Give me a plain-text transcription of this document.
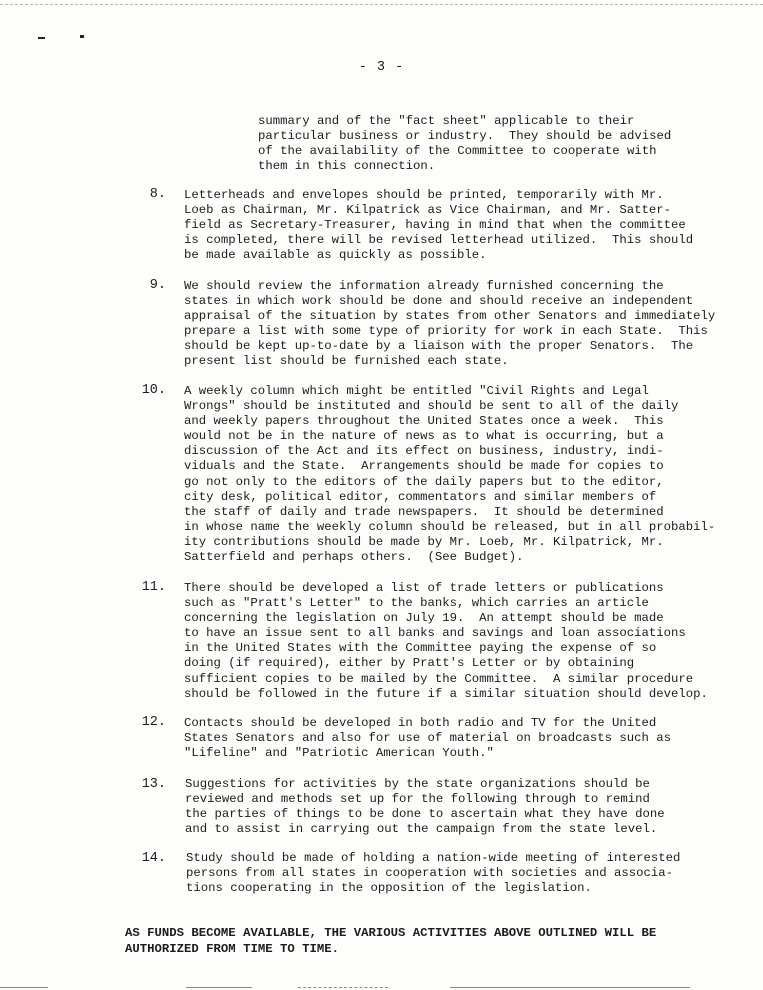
- 3 -
summary and of the "fact sheet" applicable to their
particular business or industry.  They should be advised
of the availability of the Committee to cooperate with
them in this connection.
8. Letterheads and envelopes should be printed, temporarily with Mr.
Loeb as Chairman, Mr. Kilpatrick as Vice Chairman, and Mr. Satter-
field as Secretary-Treasurer, having in mind that when the committee
is completed, there will be revised letterhead utilized.  This should
be made available as quickly as possible.
9. We should review the information already furnished concerning the
states in which work should be done and should receive an independent
appraisal of the situation by states from other Senators and immediately
prepare a list with some type of priority for work in each State.  This
should be kept up-to-date by a liaison with the proper Senators.  The
present list should be furnished each state.
10. A weekly column which might be entitled "Civil Rights and Legal
Wrongs" should be instituted and should be sent to all of the daily
and weekly papers throughout the United States once a week.  This
would not be in the nature of news as to what is occurring, but a
discussion of the Act and its effect on business, industry, indi-
viduals and the State.  Arrangements should be made for copies to
go not only to the editors of the daily papers but to the editor,
city desk, political editor, commentators and similar members of
the staff of daily and trade newspapers.  It should be determined
in whose name the weekly column should be released, but in all probabil-
ity contributions should be made by Mr. Loeb, Mr. Kilpatrick, Mr.
Satterfield and perhaps others.  (See Budget).
11. There should be developed a list of trade letters or publications
such as "Pratt's Letter" to the banks, which carries an article
concerning the legislation on July 19.  An attempt should be made
to have an issue sent to all banks and savings and loan associations
in the United States with the Committee paying the expense of so
doing (if required), either by Pratt's Letter or by obtaining
sufficient copies to be mailed by the Committee.  A similar procedure
should be followed in the future if a similar situation should develop.
12. Contacts should be developed in both radio and TV for the United
States Senators and also for use of material on broadcasts such as
"Lifeline" and "Patriotic American Youth."
13. Suggestions for activities by the state organizations should be
reviewed and methods set up for the following through to remind
the parties of things to be done to ascertain what they have done
and to assist in carrying out the campaign from the state level.
14. Study should be made of holding a nation-wide meeting of interested
persons from all states in cooperation with societies and associa-
tions cooperating in the opposition of the legislation.
AS FUNDS BECOME AVAILABLE, THE VARIOUS ACTIVITIES ABOVE OUTLINED WILL BE
AUTHORIZED FROM TIME TO TIME.
